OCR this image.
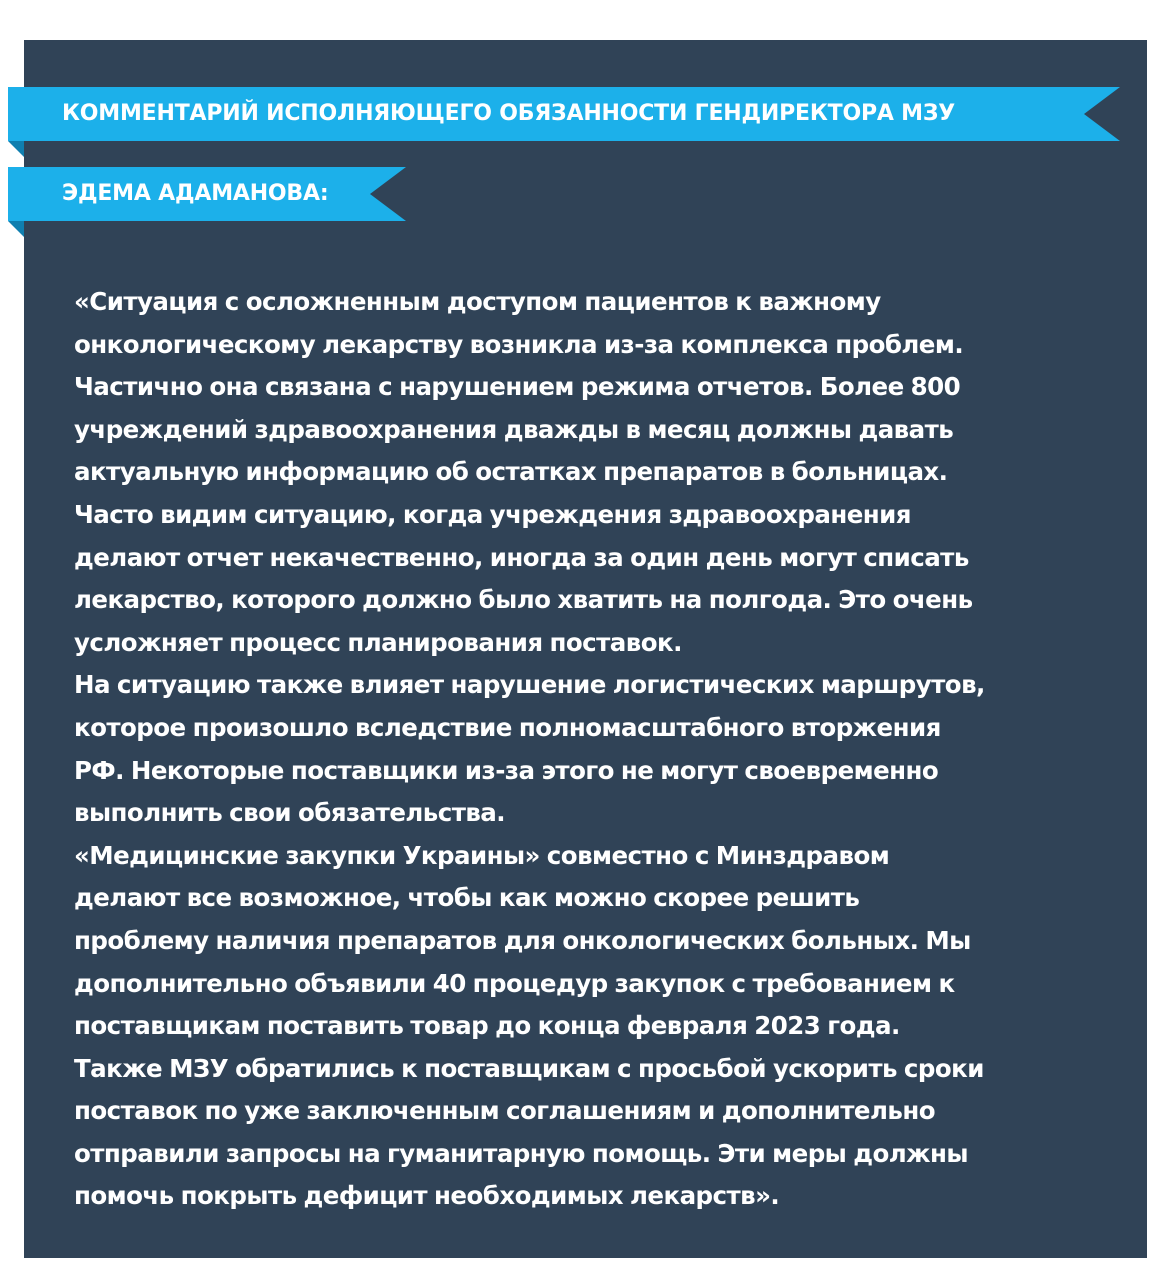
КОММЕНТАРИЙ ИСПОЛНЯЮЩЕГО ОБЯЗАННОСТИ ГЕНДИРЕКТОРА МЗУ
ЭДЕМА АДАМАНОВА:
«Ситуация с осложненным доступом пациентов к важному
онкологическому лекарству возникла из-за комплекса проблем.
Частично она связана с нарушением режима отчетов. Более 800
учреждений здравоохранения дважды в месяц должны давать
актуальную информацию об остатках препаратов в больницах.
Часто видим ситуацию, когда учреждения здравоохранения
делают отчет некачественно, иногда за один день могут списать
лекарство, которого должно было хватить на полгода. Это очень
усложняет процесс планирования поставок.
На ситуацию также влияет нарушение логистических маршрутов,
которое произошло вследствие полномасштабного вторжения
РФ. Некоторые поставщики из-за этого не могут своевременно
выполнить свои обязательства.
«Медицинские закупки Украины» совместно с Минздравом
делают все возможное, чтобы как можно скорее решить
проблему наличия препаратов для онкологических больных. Мы
дополнительно объявили 40 процедур закупок с требованием к
поставщикам поставить товар до конца февраля 2023 года.
Также МЗУ обратились к поставщикам с просьбой ускорить сроки
поставок по уже заключенным соглашениям и дополнительно
отправили запросы на гуманитарную помощь. Эти меры должны
помочь покрыть дефицит необходимых лекарств».
